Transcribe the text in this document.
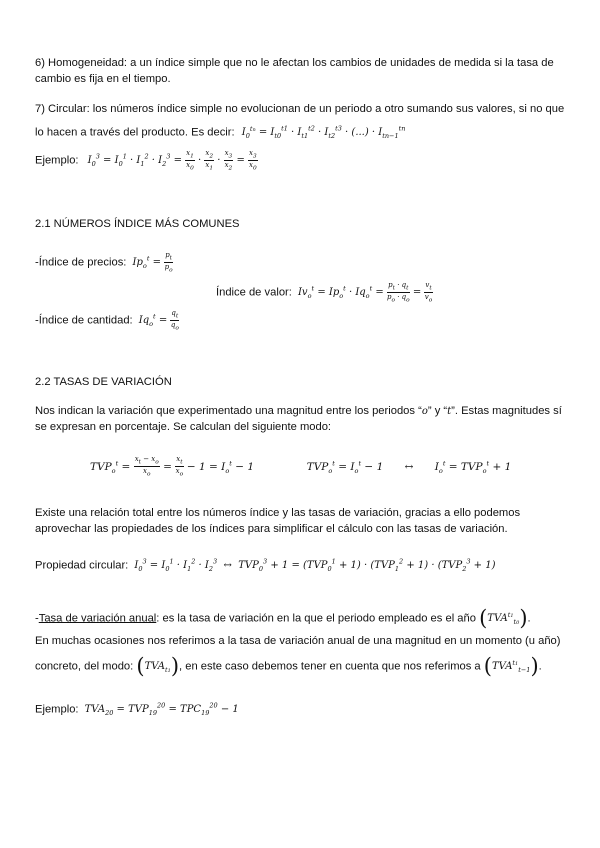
6) Homogeneidad: a un índice simple que no le afectan los cambios de unidades de medida si la tasa de
cambio es fija en el tiempo.
7) Circular: los números índice simple no evolucionan de un periodo a otro sumando sus valores, si no que
lo hacen a través del producto. Es decir: $I_0^{tn} = I_{t0}^{t1} \cdot I_{t1}^{t2} \cdot I_{t2}^{t3}$ · (...) · $I_{tn-1}^{tn}$
Ejemplo: $I_0^3 = I_0^1 \cdot I_1^2 \cdot I_2^3 = \frac{x_1}{x_0} \cdot \frac{x_2}{x_1} \cdot \frac{x_3}{x_2} = \frac{x_3}{x_0}$
2.1 NÚMEROS ÍNDICE MÁS COMUNES
-Índice de precios: $Ip_o^t = \frac{p_t}{p_o}$
Índice de valor: $Iv_o^t = Ip_o^t \cdot Iq_o^t = \frac{p_t \cdot q_t}{p_o \cdot q_o} = \frac{v_t}{v_o}$
-Índice de cantidad: $Iq_o^t = \frac{q_t}{q_o}$
2.2 TASAS DE VARIACIÓN
Nos indican la variación que experimentado una magnitud entre los periodos “o” y “t”. Estas magnitudes sí
se expresan en porcentaje. Se calculan del siguiente modo:
$TVP_o^t = \frac{x_t - x_o}{x_o} = \frac{x_t}{x_o} - 1 = I_o^t - 1$	$TVP_o^t = I_o^t - 1$ ↔ $I_o^t = TVP_o^t + 1$
Existe una relación total entre los números índice y las tasas de variación, gracias a ello podemos
aprovechar las propiedades de los índices para simplificar el cálculo con las tasas de variación.
Propiedad circular: $I_0^3 = I_0^1 \cdot I_1^2 \cdot I_2^3$ ↔  $TVP_0^3 + 1 = (TVP_0^1 + 1) \cdot (TVP_1^2 + 1) \cdot (TVP_2^3 + 1)$
-Tasa de variación anual: es la tasa de variación en la que el periodo empleado es el año $(TVA^{t1}_{t0})$.
En muchas ocasiones nos referimos a la tasa de variación anual de una magnitud en un momento (u año)
concreto, del modo: $(TVA_{t1})$, en este caso debemos tener en cuenta que nos referimos a $(TVA^{t1}_{t-1})$.
Ejemplo: $TVA_{20} = TVP_{19}^{20} = TPC_{19}^{20} - 1$
